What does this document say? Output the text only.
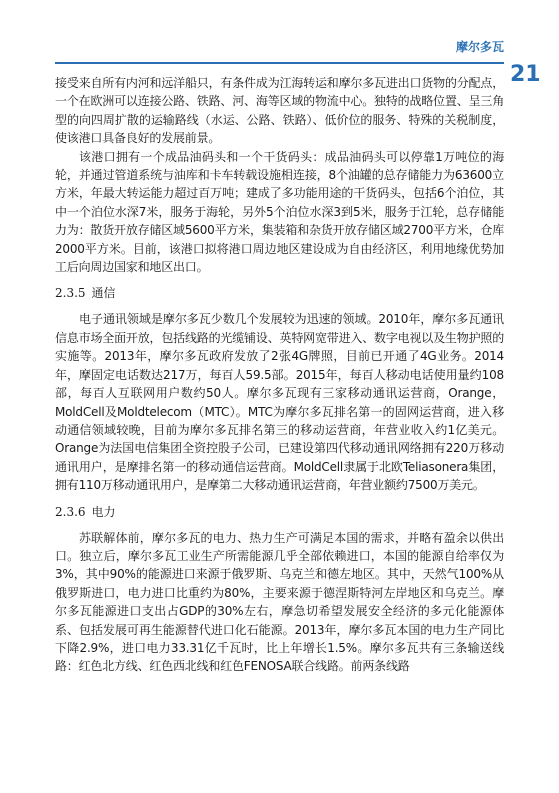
摩尔多瓦
21

接受来自所有内河和远洋船只，有条件成为江海转运和摩尔多瓦进出口货物的分配点，一个在欧洲可以连接公路、铁路、河、海等区域的物流中心。独特的战略位置、呈三角型的向四周扩散的运输路线（水运、公路、铁路）、低价位的服务、特殊的关税制度，使该港口具备良好的发展前景。

该港口拥有一个成品油码头和一个干货码头：成品油码头可以停靠1万吨位的海轮，并通过管道系统与油库和卡车转载设施相连接，8个油罐的总存储能力为63600立方米，年最大转运能力超过百万吨；建成了多功能用途的干货码头，包括6个泊位，其中一个泊位水深7米，服务于海轮，另外5个泊位水深3到5米，服务于江轮，总存储能力为：散货开放存储区域5600平方米，集装箱和杂货开放存储区域2700平方米，仓库2000平方米。目前，该港口拟将港口周边地区建设成为自由经济区，利用地缘优势加工后向周边国家和地区出口。

2.3.5 通信

电子通讯领域是摩尔多瓦少数几个发展较为迅速的领域。2010年，摩尔多瓦通讯信息市场全面开放，包括线路的光缆铺设、英特网宽带进入、数字电视以及生物护照的实施等。2013年，摩尔多瓦政府发放了2张4G牌照，目前已开通了4G业务。2014年，摩固定电话数达217万，每百人59.5部。2015年，每百人移动电话使用量约108部，每百人互联网用户数约50人。摩尔多瓦现有三家移动通讯运营商，Orange，MoldCell及Moldtelecom（MTC）。MTC为摩尔多瓦排名第一的固网运营商，进入移动通信领域较晚，目前为摩尔多瓦排名第三的移动运营商，年营业收入约1亿美元。Orange为法国电信集团全资控股子公司，已建设第四代移动通讯网络拥有220万移动通讯用户，是摩排名第一的移动通信运营商。MoldCell隶属于北欧Teliasonera集团，拥有110万移动通讯用户，是摩第二大移动通讯运营商，年营业额约7500万美元。

2.3.6 电力

苏联解体前，摩尔多瓦的电力、热力生产可满足本国的需求，并略有盈余以供出口。独立后，摩尔多瓦工业生产所需能源几乎全部依赖进口，本国的能源自给率仅为3%，其中90%的能源进口来源于俄罗斯、乌克兰和德左地区。其中，天然气100%从俄罗斯进口，电力进口比重约为80%，主要来源于德涅斯特河左岸地区和乌克兰。摩尔多瓦能源进口支出占GDP的30%左右，摩急切希望发展安全经济的多元化能源体系、包括发展可再生能源替代进口化石能源。2013年，摩尔多瓦本国的电力生产同比下降2.9%，进口电力33.31亿千瓦时，比上年增长1.5%。摩尔多瓦共有三条输送线路：红色北方线、红色西北线和红色FENOSA联合线路。前两条线路
